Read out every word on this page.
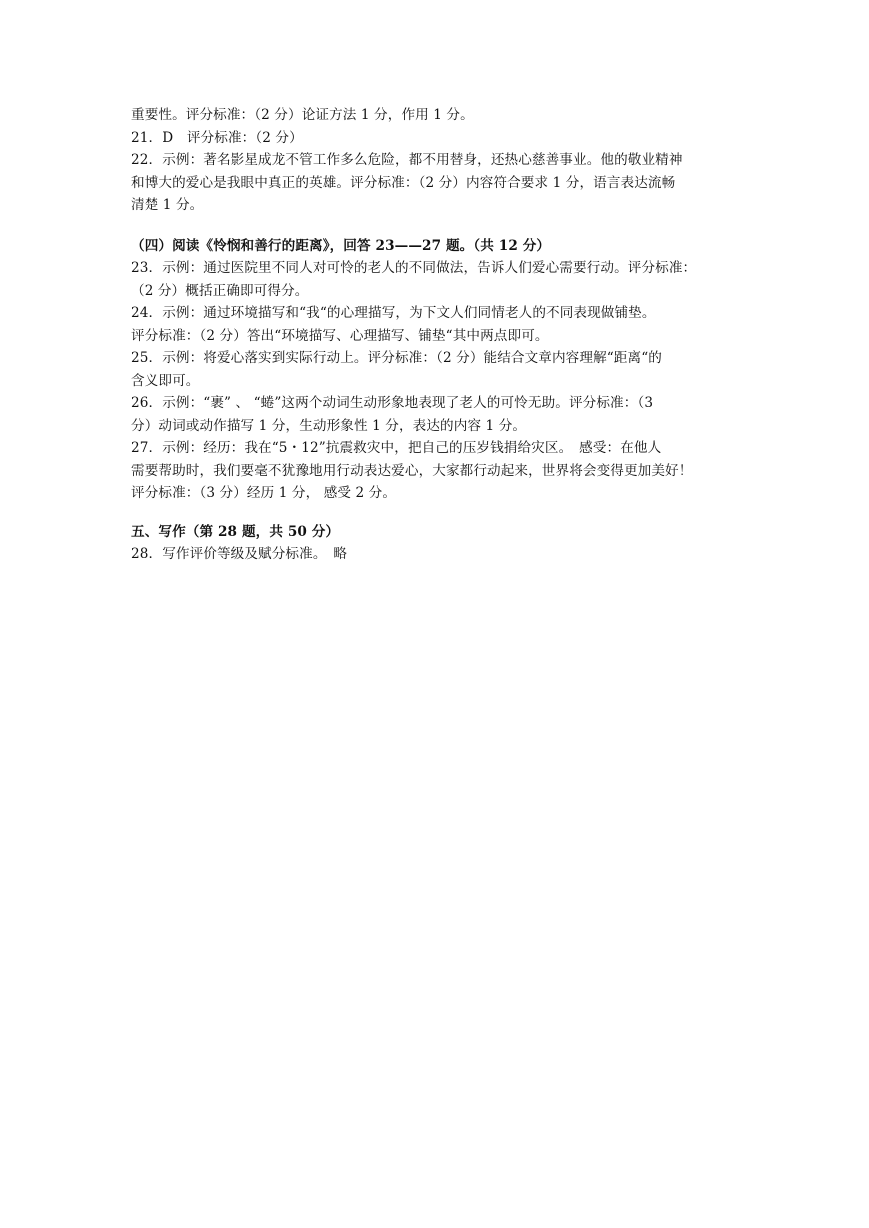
重要性。评分标准：（2 分）论证方法 1 分，作用 1 分。
21．D　评分标准：（2 分）
22．示例：著名影星成龙不管工作多么危险，都不用替身，还热心慈善事业。他的敬业精神
和博大的爱心是我眼中真正的英雄。评分标准：（2 分）内容符合要求 1 分，语言表达流畅
清楚 1 分。
（四）阅读《怜悯和善行的距离》，回答 23——27 题。（共 12 分）
23．示例：通过医院里不同人对可怜的老人的不同做法，告诉人们爱心需要行动。评分标准：
（2 分）概括正确即可得分。
24．示例：通过环境描写和“我“的心理描写，为下文人们同情老人的不同表现做铺垫。
评分标准：（2 分）答出“环境描写、心理描写、铺垫“其中两点即可。
25．示例：将爱心落实到实际行动上。评分标准：（2 分）能结合文章内容理解“距离“的
含义即可。
26．示例：“裹” 、 “蜷”这两个动词生动形象地表现了老人的可怜无助。评分标准：（3
分）动词或动作描写 1 分，生动形象性 1 分，表达的内容 1 分。
27．示例：经历：我在“5・12”抗震救灾中，把自己的压岁钱捐给灾区。　感受：在他人
需要帮助时，我们要毫不犹豫地用行动表达爱心，大家都行动起来，世界将会变得更加美好！
评分标准：（3 分）经历 1 分， 感受 2 分。
五、写作（第 28 题，共 50 分）
28．写作评价等级及赋分标准。　略
